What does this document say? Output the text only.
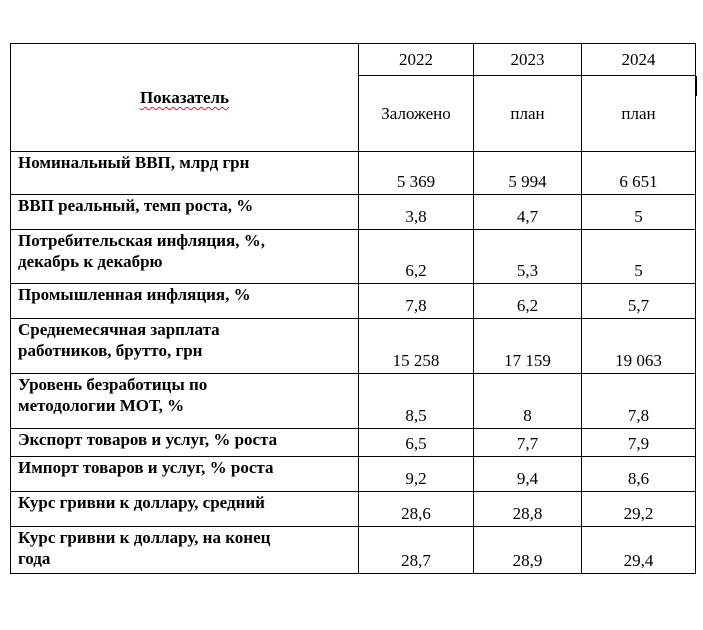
Показатель	2022	2023	2024
	Заложено	план	план

Номинальный ВВП, млрд грн	5 369	5 994	6 651

ВВП реальный, темп роста, %	3,8	4,7	5

Потребительская инфляция, %,
декабрь к декабрю	6,2	5,3	5

Промышленная инфляция, %	7,8	6,2	5,7

Среднемесячная зарплата
работников, брутто, грн	15 258	17 159	19 063

Уровень безработицы по
методологии МОТ, %	8,5	8	7,8

Экспорт товаров и услуг, % роста	6,5	7,7	7,9

Импорт товаров и услуг, % роста	9,2	9,4	8,6

Курс гривни к доллару, средний	28,6	28,8	29,2

Курс гривни к доллару, на конец
года	28,7	28,9	29,4
